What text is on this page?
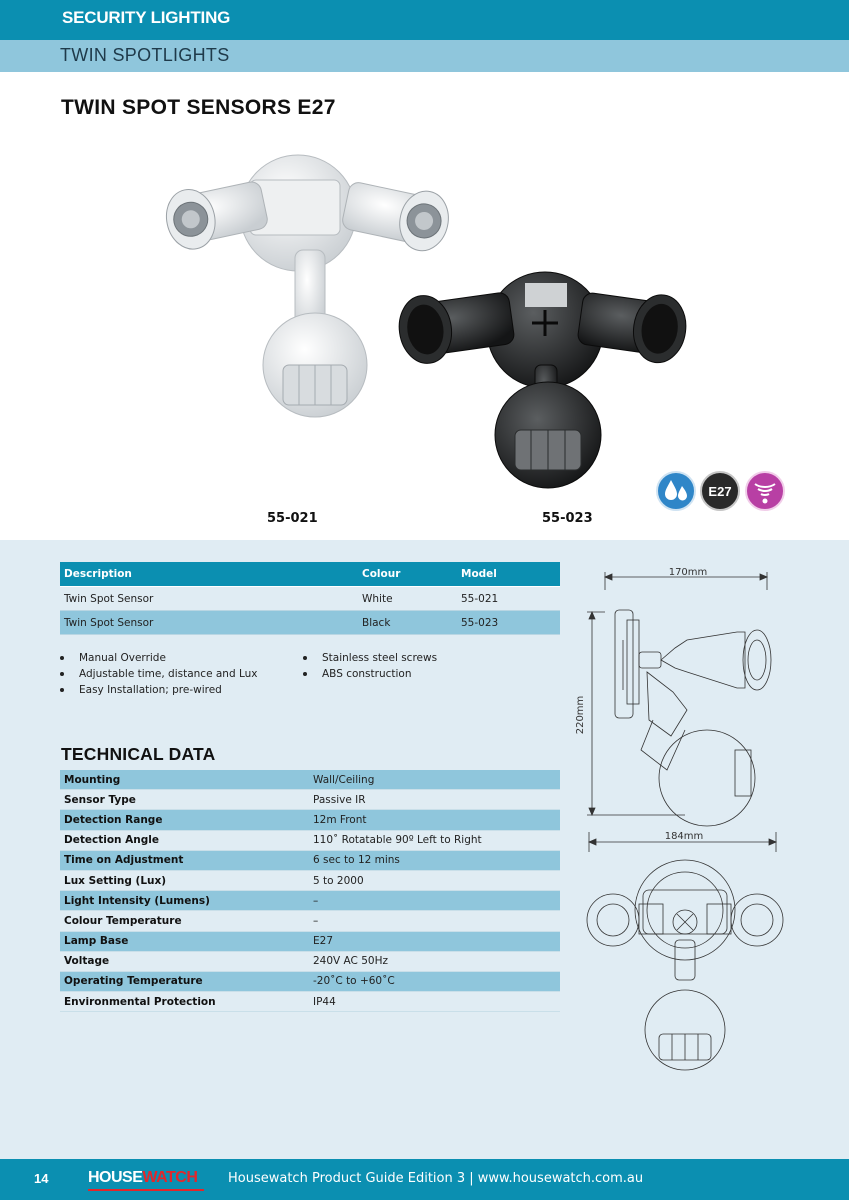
SECURITY LIGHTING
TWIN SPOTLIGHTS
TWIN SPOT SENSORS E27
55-021	55-023
E27
Description	Colour	Model
Twin Spot Sensor	White	55-021
Twin Spot Sensor	Black	55-023
Manual Override
Adjustable time, distance and Lux
Easy Installation; pre-wired
Stainless steel screws
ABS construction
TECHNICAL DATA
Mounting	Wall/Ceiling
Sensor Type	Passive IR
Detection Range	12m Front
Detection Angle	110˚ Rotatable 90º Left to Right
Time on Adjustment	6 sec to 12 mins
Lux Setting (Lux)	5 to 2000
Light Intensity (Lumens)	–
Colour Temperature	–
Lamp Base	E27
Voltage	240V AC 50Hz
Operating Temperature	-20˚C to +60˚C
Environmental Protection	IP44
170mm
220mm
184mm
14 HOUSEWATCH	Housewatch Product Guide Edition 3 | www.housewatch.com.au
